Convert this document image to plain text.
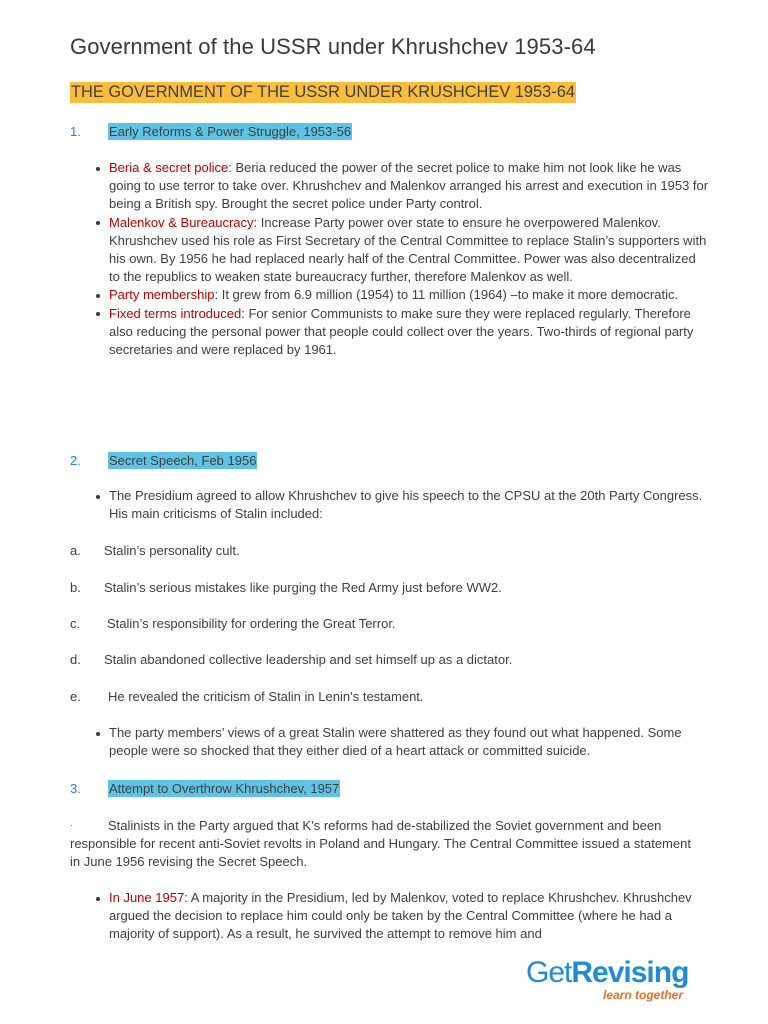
Government of the USSR under Khrushchev 1953-64
THE GOVERNMENT OF THE USSR UNDER KRUSHCHEV 1953-64
1. Early Reforms & Power Struggle, 1953-56
Beria & secret police: Beria reduced the power of the secret police to make him not look like he was going to use terror to take over. Khrushchev and Malenkov arranged his arrest and execution in 1953 for being a British spy. Brought the secret police under Party control.
Malenkov & Bureaucracy: Increase Party power over state to ensure he overpowered Malenkov. Khrushchev used his role as First Secretary of the Central Committee to replace Stalin’s supporters with his own. By 1956 he had replaced nearly half of the Central Committee. Power was also decentralized to the republics to weaken state bureaucracy further, therefore Malenkov as well.
Party membership: It grew from 6.9 million (1954) to 11 million (1964) –to make it more democratic.
Fixed terms introduced: For senior Communists to make sure they were replaced regularly. Therefore also reducing the personal power that people could collect over the years. Two-thirds of regional party secretaries and were replaced by 1961.
2. Secret Speech, Feb 1956
The Presidium agreed to allow Khrushchev to give his speech to the CPSU at the 20th Party Congress. His main criticisms of Stalin included:
a. Stalin’s personality cult.
b. Stalin’s serious mistakes like purging the Red Army just before WW2.
c. Stalin’s responsibility for ordering the Great Terror.
d. Stalin abandoned collective leadership and set himself up as a dictator.
e. He revealed the criticism of Stalin in Lenin’s testament.
The party members’ views of a great Stalin were shattered as they found out what happened. Some people were so shocked that they either died of a heart attack or committed suicide.
3. Attempt to Overthrow Khrushchev, 1957
·	Stalinists in the Party argued that K’s reforms had de-stabilized the Soviet government and been responsible for recent anti-Soviet revolts in Poland and Hungary. The Central Committee issued a statement in June 1956 revising the Secret Speech.
In June 1957: A majority in the Presidium, led by Malenkov, voted to replace Khrushchev. Khrushchev argued the decision to replace him could only be taken by the Central Committee (where he had a majority of support). As a result, he survived the attempt to remove him and
GetRevising
learn together
